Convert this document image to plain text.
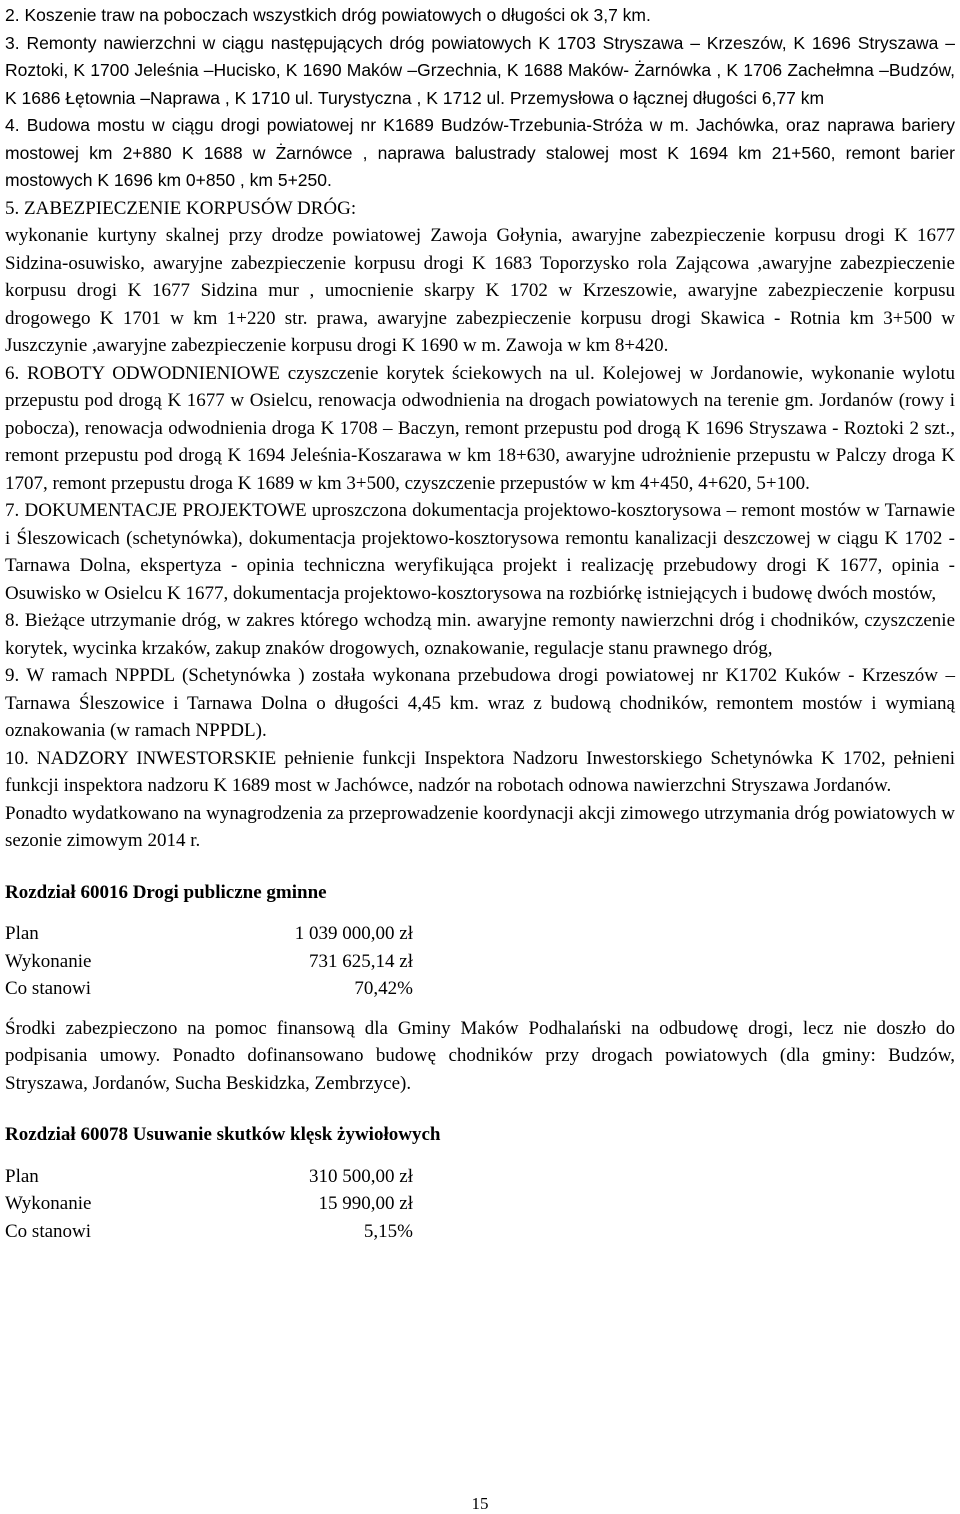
2. Koszenie traw na poboczach wszystkich dróg powiatowych o długości ok 3,7 km.

3. Remonty nawierzchni w ciągu następujących dróg powiatowych K 1703 Stryszawa – Krzeszów, K 1696 Stryszawa –Roztoki, K 1700 Jeleśnia –Hucisko, K 1690 Maków –Grzechnia, K 1688 Maków- Żarnówka , K 1706 Zachełmna –Budzów, K 1686 Łętownia –Naprawa , K 1710 ul. Turystyczna , K 1712 ul. Przemysłowa o łącznej długości 6,77 km

4. Budowa mostu w ciągu drogi powiatowej nr K1689 Budzów-Trzebunia-Stróża w m. Jachówka, oraz naprawa bariery mostowej km 2+880 K 1688 w Żarnówce , naprawa balustrady stalowej most K 1694 km 21+560, remont barier mostowych K 1696 km 0+850 , km 5+250.

5. ZABEZPIECZENIE KORPUSÓW DRÓG:

wykonanie kurtyny skalnej przy drodze powiatowej Zawoja Gołynia, awaryjne zabezpieczenie korpusu drogi K 1677 Sidzina-osuwisko, awaryjne zabezpieczenie korpusu drogi K 1683 Toporzysko rola Zającowa ,awaryjne zabezpieczenie korpusu drogi K 1677 Sidzina mur , umocnienie skarpy K 1702 w Krzeszowie, awaryjne zabezpieczenie korpusu drogowego K 1701 w km 1+220 str. prawa, awaryjne zabezpieczenie korpusu drogi Skawica - Rotnia km 3+500 w Juszczynie ,awaryjne zabezpieczenie korpusu drogi K 1690 w m. Zawoja w km 8+420.

6. ROBOTY ODWODNIENIOWE czyszczenie korytek ściekowych na ul. Kolejowej w Jordanowie, wykonanie wylotu przepustu pod drogą K 1677 w Osielcu, renowacja odwodnienia na drogach powiatowych na terenie gm. Jordanów (rowy i pobocza), renowacja odwodnienia droga K 1708 – Baczyn, remont przepustu pod drogą K 1696 Stryszawa - Roztoki 2 szt., remont przepustu pod drogą K 1694 Jeleśnia-Koszarawa w km 18+630, awaryjne udrożnienie przepustu w Palczy droga K 1707, remont przepustu droga K 1689 w km 3+500, czyszczenie przepustów w km 4+450, 4+620, 5+100.

7. DOKUMENTACJE PROJEKTOWE uproszczona dokumentacja projektowo-kosztorysowa – remont mostów w Tarnawie i Śleszowicach (schetynówka), dokumentacja projektowo-kosztorysowa remontu kanalizacji deszczowej w ciągu K 1702 - Tarnawa Dolna, ekspertyza - opinia techniczna weryfikująca projekt i realizację przebudowy drogi K 1677, opinia - Osuwisko w Osielcu K 1677, dokumentacja projektowo-kosztorysowa na rozbiórkę istniejących i budowę dwóch mostów,

8. Bieżące utrzymanie dróg, w zakres którego wchodzą min. awaryjne remonty nawierzchni dróg i chodników, czyszczenie korytek, wycinka krzaków, zakup znaków drogowych, oznakowanie, regulacje stanu prawnego dróg,

9. W ramach NPPDL (Schetynówka ) została wykonana przebudowa drogi powiatowej nr K1702 Kuków - Krzeszów – Tarnawa Śleszowice i Tarnawa Dolna o długości 4,45 km. wraz z budową chodników, remontem mostów i wymianą oznakowania (w ramach NPPDL).

10. NADZORY INWESTORSKIE pełnienie funkcji Inspektora Nadzoru Inwestorskiego Schetynówka K 1702, pełnieni funkcji inspektora nadzoru K 1689 most w Jachówce, nadzór na robotach odnowa nawierzchni Stryszawa Jordanów.

Ponadto wydatkowano na wynagrodzenia za przeprowadzenie koordynacji akcji zimowego utrzymania dróg powiatowych w sezonie zimowym 2014 r.

Rozdział 60016 Drogi publiczne gminne

Plan	1 039 000,00 zł
Wykonanie	731 625,14 zł
Co stanowi	70,42%

Środki zabezpieczono na pomoc finansową dla Gminy Maków Podhalański na odbudowę drogi, lecz nie doszło do podpisania umowy. Ponadto dofinansowano budowę chodników przy drogach powiatowych (dla gminy: Budzów, Stryszawa, Jordanów, Sucha Beskidzka, Zembrzyce).

Rozdział 60078 Usuwanie skutków klęsk żywiołowych

Plan	310 500,00 zł
Wykonanie	15 990,00 zł
Co stanowi	5,15%
15
